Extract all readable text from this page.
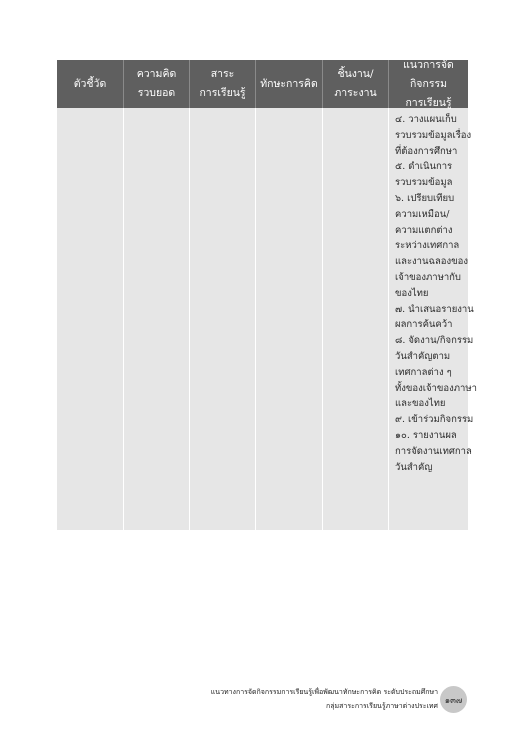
ตัวชี้วัด
ความคิด
รวบยอด
สาระ
การเรียนรู้
ทักษะการคิด
ชิ้นงาน/
ภาระงาน
แนวการจัดกิจกรรม
การเรียนรู้
๔. วางแผนเก็บ
รวบรวมข้อมูลเรื่อง
ที่ต้องการศึกษา
๕. ดำเนินการ
รวบรวมข้อมูล
๖. เปรียบเทียบ
ความเหมือน/
ความแตกต่าง
ระหว่างเทศกาล
และงานฉลองของ
เจ้าของภาษากับ
ของไทย
๗. นำเสนอรายงาน
ผลการค้นคว้า
๘. จัดงาน/กิจกรรม
วันสำคัญตาม
เทศกาลต่าง ๆ
ทั้งของเจ้าของภาษา
และของไทย
๙. เข้าร่วมกิจกรรม
๑๐. รายงานผล
การจัดงานเทศกาล
วันสำคัญ
แนวทางการจัดกิจกรรมการเรียนรู้เพื่อพัฒนาทักษะการคิด ระดับประถมศึกษา
กลุ่มสาระการเรียนรู้ภาษาต่างประเทศ
๑๓๗
